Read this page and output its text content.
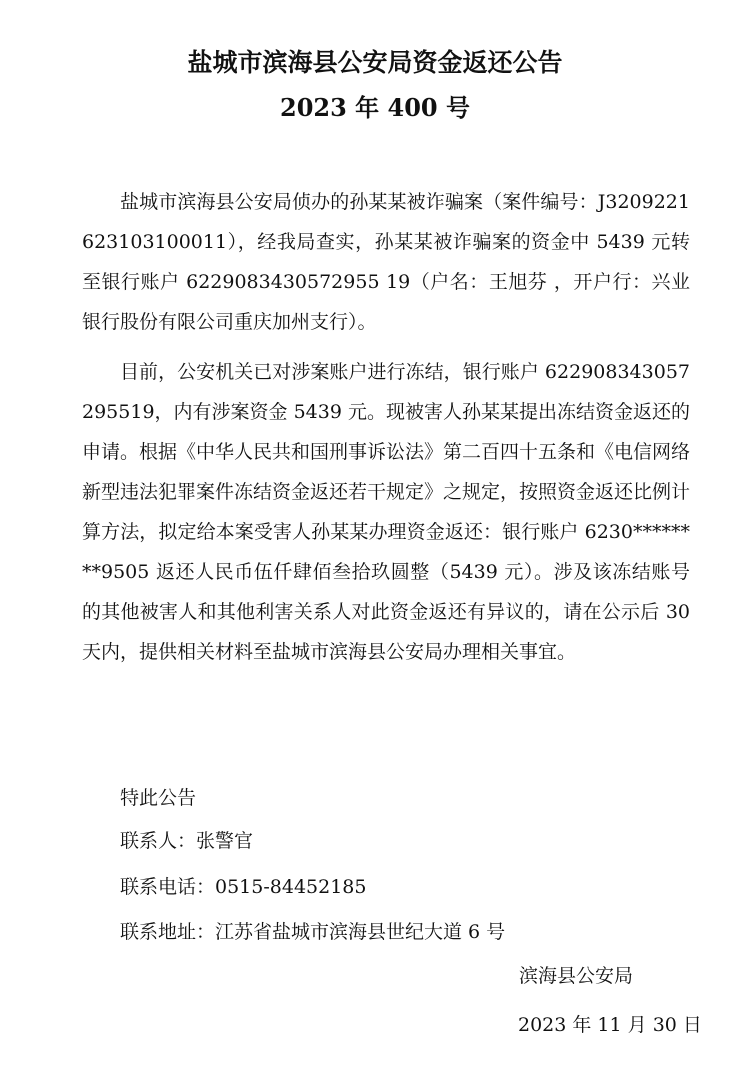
盐城市滨海县公安局资金返还公告
2023 年 400 号

盐城市滨海县公安局侦办的孙某某被诈骗案（案件编号：J3209221623103100011），经我局查实，孙某某被诈骗案的资金中 5439 元转至银行账户 6229083430572955 19（户名：王旭芬 ，开户行：兴业银行股份有限公司重庆加州支行）。

目前，公安机关已对涉案账户进行冻结，银行账户 622908343057295519，内有涉案资金 5439 元。现被害人孙某某提出冻结资金返还的申请。根据《中华人民共和国刑事诉讼法》第二百四十五条和《电信网络新型违法犯罪案件冻结资金返还若干规定》之规定，按照资金返还比例计算方法，拟定给本案受害人孙某某办理资金返还：银行账户 6230********9505 返还人民币伍仟肆佰叁拾玖圆整（5439 元）。涉及该冻结账号的其他被害人和其他利害关系人对此资金返还有异议的，请在公示后 30 天内，提供相关材料至盐城市滨海县公安局办理相关事宜。

特此公告

联系人：张警官

联系电话：0515-84452185

联系地址：江苏省盐城市滨海县世纪大道 6 号

滨海县公安局

2023 年 11 月 30 日
